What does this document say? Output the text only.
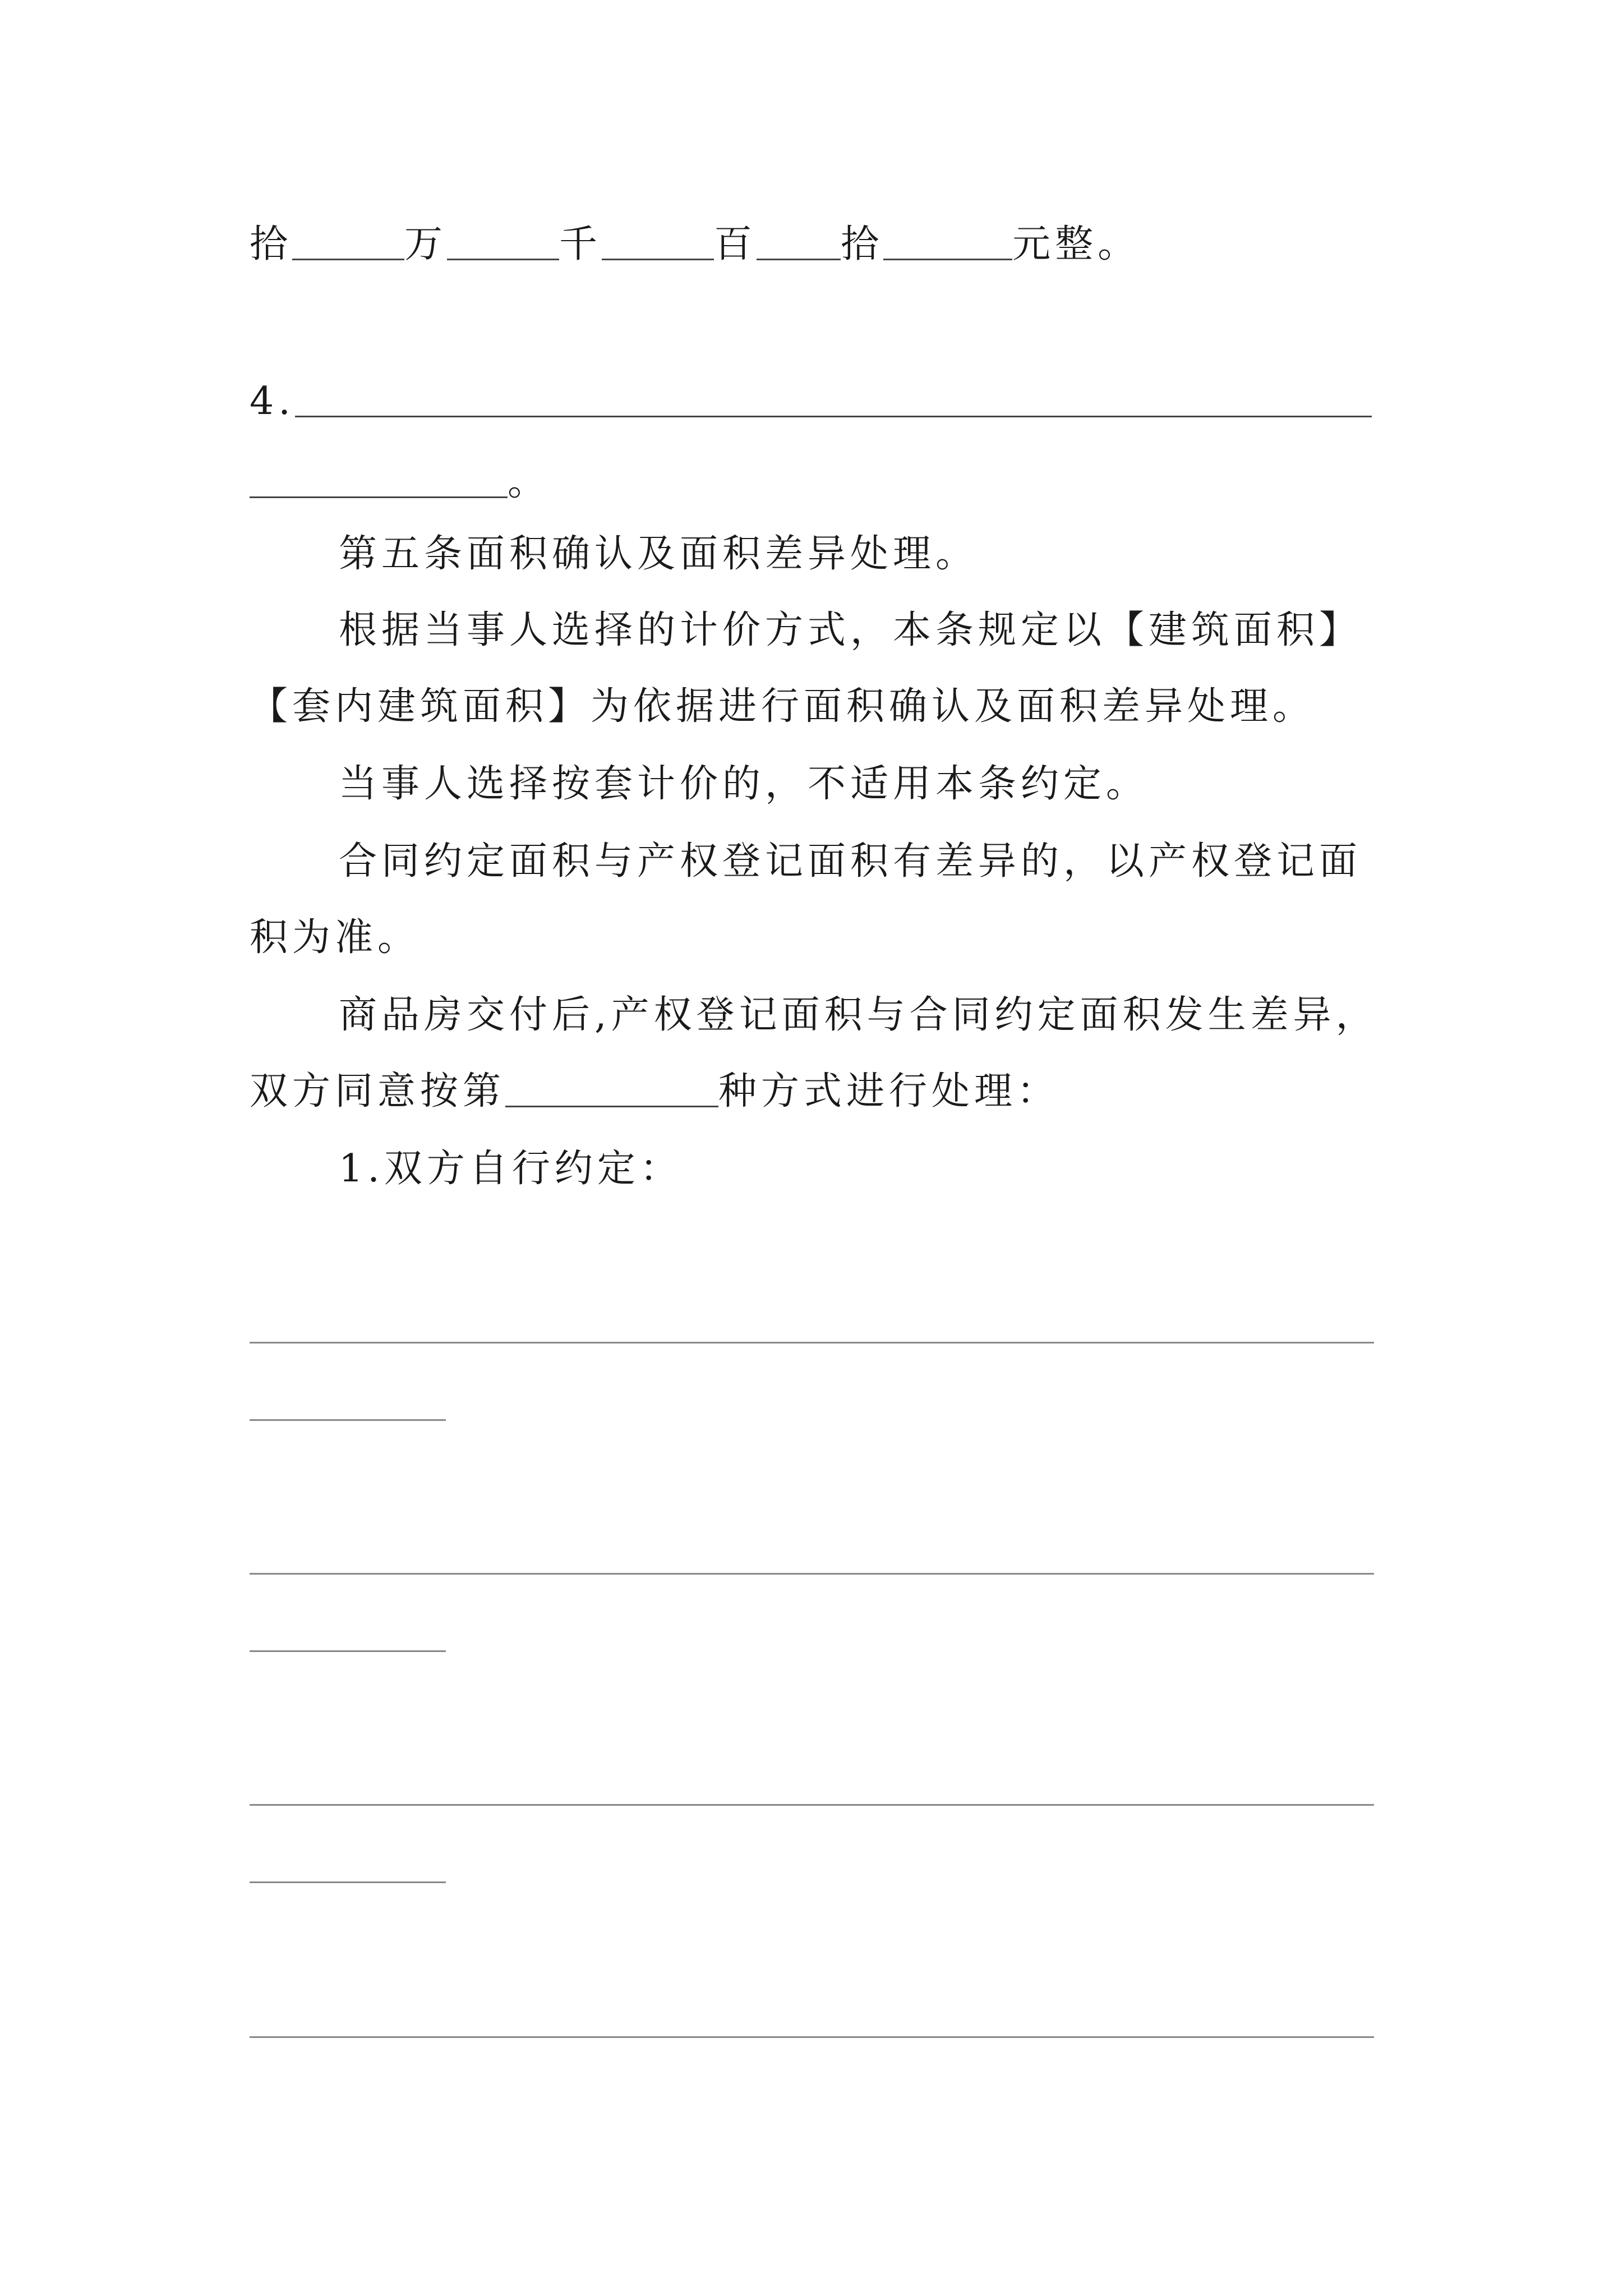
拾	万	千	百 拾	元整。
4.
。
第五条面积确认及面积差异处理。
根据当事人选择的计价方式，本条规定以【建筑面积】
【套内建筑面积】为依据进行面积确认及面积差异处理。
当事人选择按套计价的，不适用本条约定。
合同约定面积与产权登记面积有差异的，以产权登记面
积为准。
商品房交付后,产权登记面积与合同约定面积发生差异，
双方同意按第	种方式进行处理：
1.双方自行约定：
